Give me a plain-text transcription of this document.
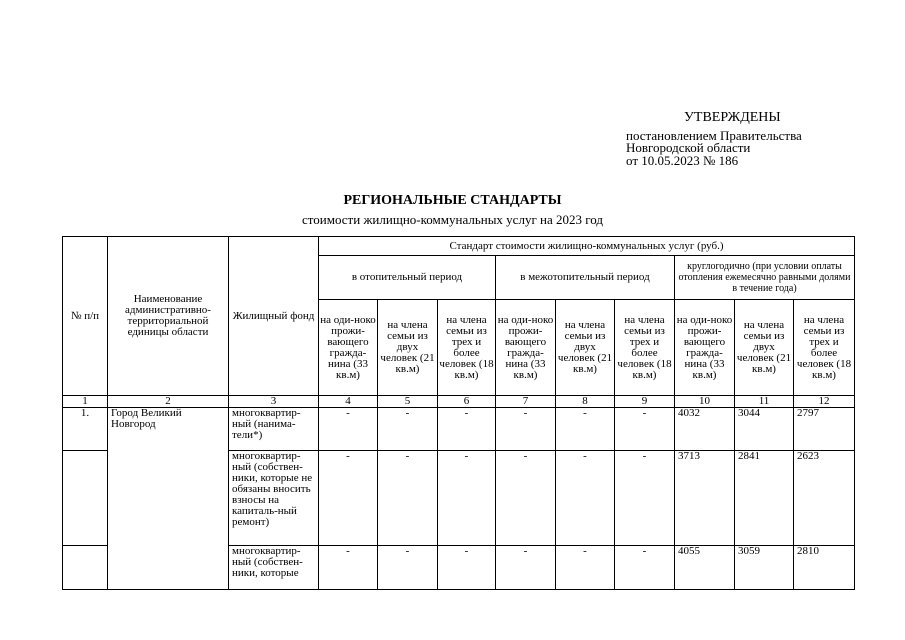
УТВЕРЖДЕНЫ
постановлением Правительства
Новгородской области
от 10.05.2023 № 186
РЕГИОНАЛЬНЫЕ СТАНДАРТЫ
стоимости жилищно-коммунальных услуг на 2023 год
№ п/п	Наименование административно-территориальной единицы области	Жилищный фонд	Стандарт стоимости жилищно-коммунальных услуг (руб.)								
			в отопительный период			в межотопительный период			круглогодично (при условии оплаты отопления ежемесячно равными долями в течение года)		
			на оди-ноко прожи-вающего гражда-нина (33 кв.м)	на члена семьи из двух человек (21 кв.м)	на члена семьи из трех и более человек (18 кв.м)	на оди-ноко прожи-вающего гражда-нина (33 кв.м)	на члена семьи из двух человек (21 кв.м)	на члена семьи из трех и более человек (18 кв.м)	на оди-ноко прожи-вающего гражда-нина (33 кв.м)	на члена семьи из двух человек (21 кв.м)	на члена семьи из трех и более человек (18 кв.м)
1	2	3	4	5	6	7	8	9	10	11	12
1.	Город Великий Новгород	многоквартир-ный (нанима-тели*)	-	-	-	-	-	-	4032	3044	2797
		многоквартир-ный (собствен-ники, которые не обязаны вносить взносы на капиталь-ный ремонт)	-	-	-	-	-	-	3713	2841	2623
		многоквартир-ный (собствен-ники, которые	-	-	-	-	-	-	4055	3059	2810
